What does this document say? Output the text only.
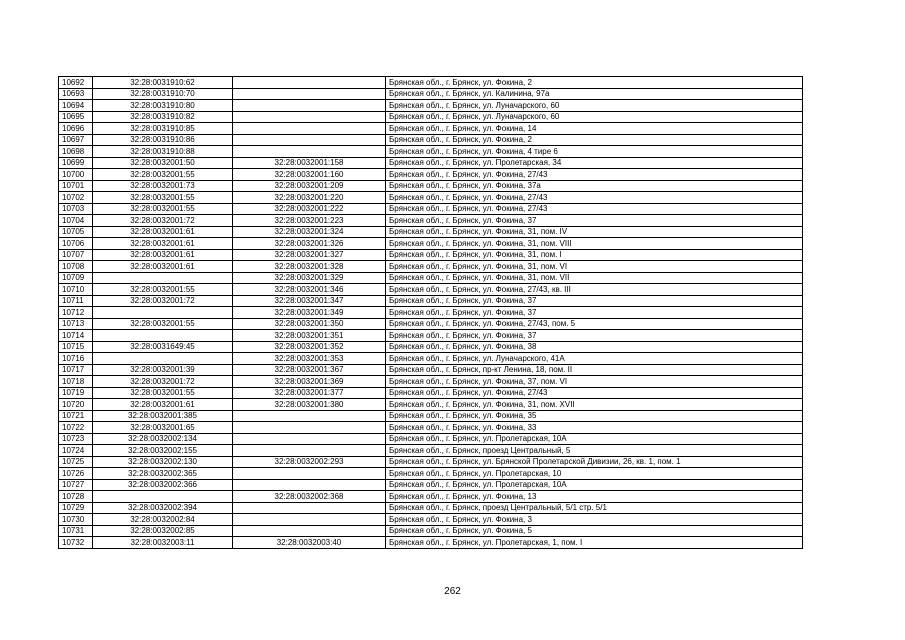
10692	32:28:0031910:62		Брянская обл., г. Брянск, ул. Фокина, 2
10693	32:28:0031910:70		Брянская обл., г. Брянск, ул. Калинина, 97а
10694	32:28:0031910:80		Брянская обл., г. Брянск, ул. Луначарского, 60
10695	32:28:0031910:82		Брянская обл., г. Брянск, ул. Луначарского, 60
10696	32:28:0031910:85		Брянская обл., г. Брянск, ул. Фокина, 14
10697	32:28:0031910:86		Брянская обл., г. Брянск, ул. Фокина, 2
10698	32:28:0031910:88		Брянская обл., г. Брянск, ул. Фокина, 4 тире 6
10699	32:28:0032001:50	32:28:0032001:158	Брянская обл., г. Брянск, ул. Пролетарская, 34
10700	32:28:0032001:55	32:28:0032001:160	Брянская обл., г. Брянск, ул. Фокина, 27/43
10701	32:28:0032001:73	32:28:0032001:209	Брянская обл., г. Брянск, ул. Фокина, 37а
10702	32:28:0032001:55	32:28:0032001:220	Брянская обл., г. Брянск, ул. Фокина, 27/43
10703	32:28:0032001:55	32:28:0032001:222	Брянская обл., г. Брянск, ул. Фокина, 27/43
10704	32:28:0032001:72	32:28:0032001:223	Брянская обл., г. Брянск, ул. Фокина, 37
10705	32:28:0032001:61	32:28:0032001:324	Брянская обл., г. Брянск, ул. Фокина, 31, пом. IV
10706	32:28:0032001:61	32:28:0032001:326	Брянская обл., г. Брянск, ул. Фокина, 31, пом. VIII
10707	32:28:0032001:61	32:28:0032001:327	Брянская обл., г. Брянск, ул. Фокина, 31, пом. I
10708	32:28:0032001:61	32:28:0032001:328	Брянская обл., г. Брянск, ул. Фокина, 31, пом. VI
10709		32:28:0032001:329	Брянская обл., г. Брянск, ул. Фокина, 31, пом. VII
10710	32:28:0032001:55	32:28:0032001:346	Брянская обл., г. Брянск, ул. Фокина, 27/43, кв. III
10711	32:28:0032001:72	32:28:0032001:347	Брянская обл., г. Брянск, ул. Фокина, 37
10712		32:28:0032001:349	Брянская обл., г. Брянск, ул. Фокина, 37
10713	32:28:0032001:55	32:28:0032001:350	Брянская обл., г. Брянск, ул. Фокина, 27/43, пом. 5
10714		32:28:0032001:351	Брянская обл., г. Брянск, ул. Фокина, 37
10715	32:28:0031649:45	32:28:0032001:352	Брянская обл., г. Брянск, ул. Фокина, 38
10716		32:28:0032001:353	Брянская обл., г. Брянск, ул. Луначарского, 41А
10717	32:28:0032001:39	32:28:0032001:367	Брянская обл., г. Брянск, пр-кт Ленина, 18, пом. II
10718	32:28:0032001:72	32:28:0032001:369	Брянская обл., г. Брянск, ул. Фокина, 37, пом. VI
10719	32:28:0032001:55	32:28:0032001:377	Брянская обл., г. Брянск, ул. Фокина, 27/43
10720	32:28:0032001:61	32:28:0032001:380	Брянская обл., г. Брянск, ул. Фокина, 31, пом. XVII
10721	32:28:0032001:385		Брянская обл., г. Брянск, ул. Фокина, 35
10722	32:28:0032001:65		Брянская обл., г. Брянск, ул. Фокина, 33
10723	32:28:0032002:134		Брянская обл., г. Брянск, ул. Пролетарская, 10А
10724	32:28:0032002:155		Брянская обл., г. Брянск, проезд Центральный, 5
10725	32:28:0032002:130	32:28:0032002:293	Брянская обл., г. Брянск, ул. Брянской Пролетарской Дивизии, 26, кв. 1, пом. 1
10726	32:28:0032002:365		Брянская обл., г. Брянск, ул. Пролетарская, 10
10727	32:28:0032002:366		Брянская обл., г. Брянск, ул. Пролетарская, 10А
10728		32:28:0032002:368	Брянская обл., г. Брянск, ул. Фокина, 13
10729	32:28:0032002:394		Брянская обл., г. Брянск, проезд Центральный, 5/1 стр. 5/1
10730	32:28:0032002:84		Брянская обл., г. Брянск, ул. Фокина, 3
10731	32:28:0032002:85		Брянская обл., г. Брянск, ул. Фокина, 5
10732	32:28:0032003:11	32:28:0032003:40	Брянская обл., г. Брянск, ул. Пролетарская, 1, пом. I
262
